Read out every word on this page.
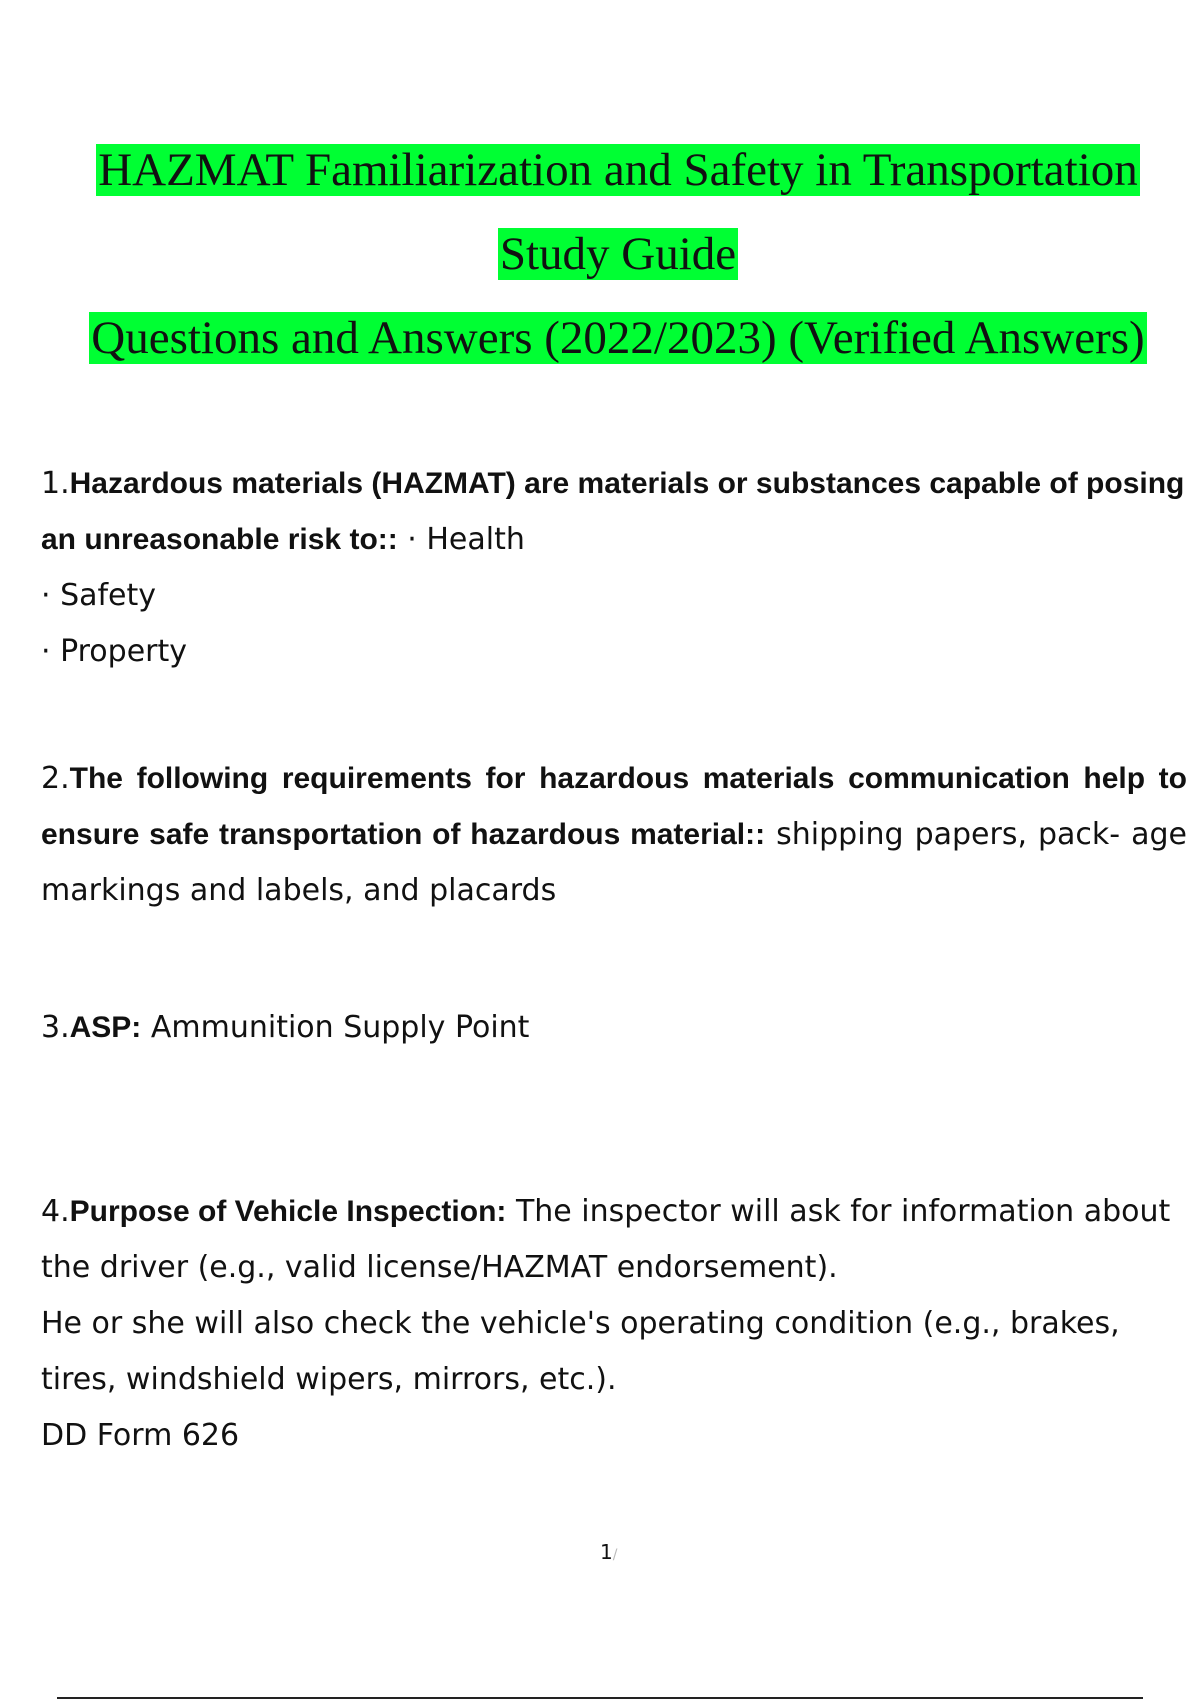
HAZMAT Familiarization and Safety in Transportation
Study Guide
Questions and Answers (2022/2023) (Verified Answers)
1.Hazardous materials (HAZMAT) are materials or substances capable of posing an unreasonable risk to:: · Health
· Safety
· Property
2.The following requirements for hazardous materials communication help to ensure safe transportation of hazardous material:: shipping papers, pack- age markings and labels, and placards
3.ASP: Ammunition Supply Point
4.Purpose of Vehicle Inspection: The inspector will ask for information about the driver (e.g., valid license/HAZMAT endorsement).
He or she will also check the vehicle's operating condition (e.g., brakes, tires, windshield wipers, mirrors, etc.).
DD Form 626
1/
